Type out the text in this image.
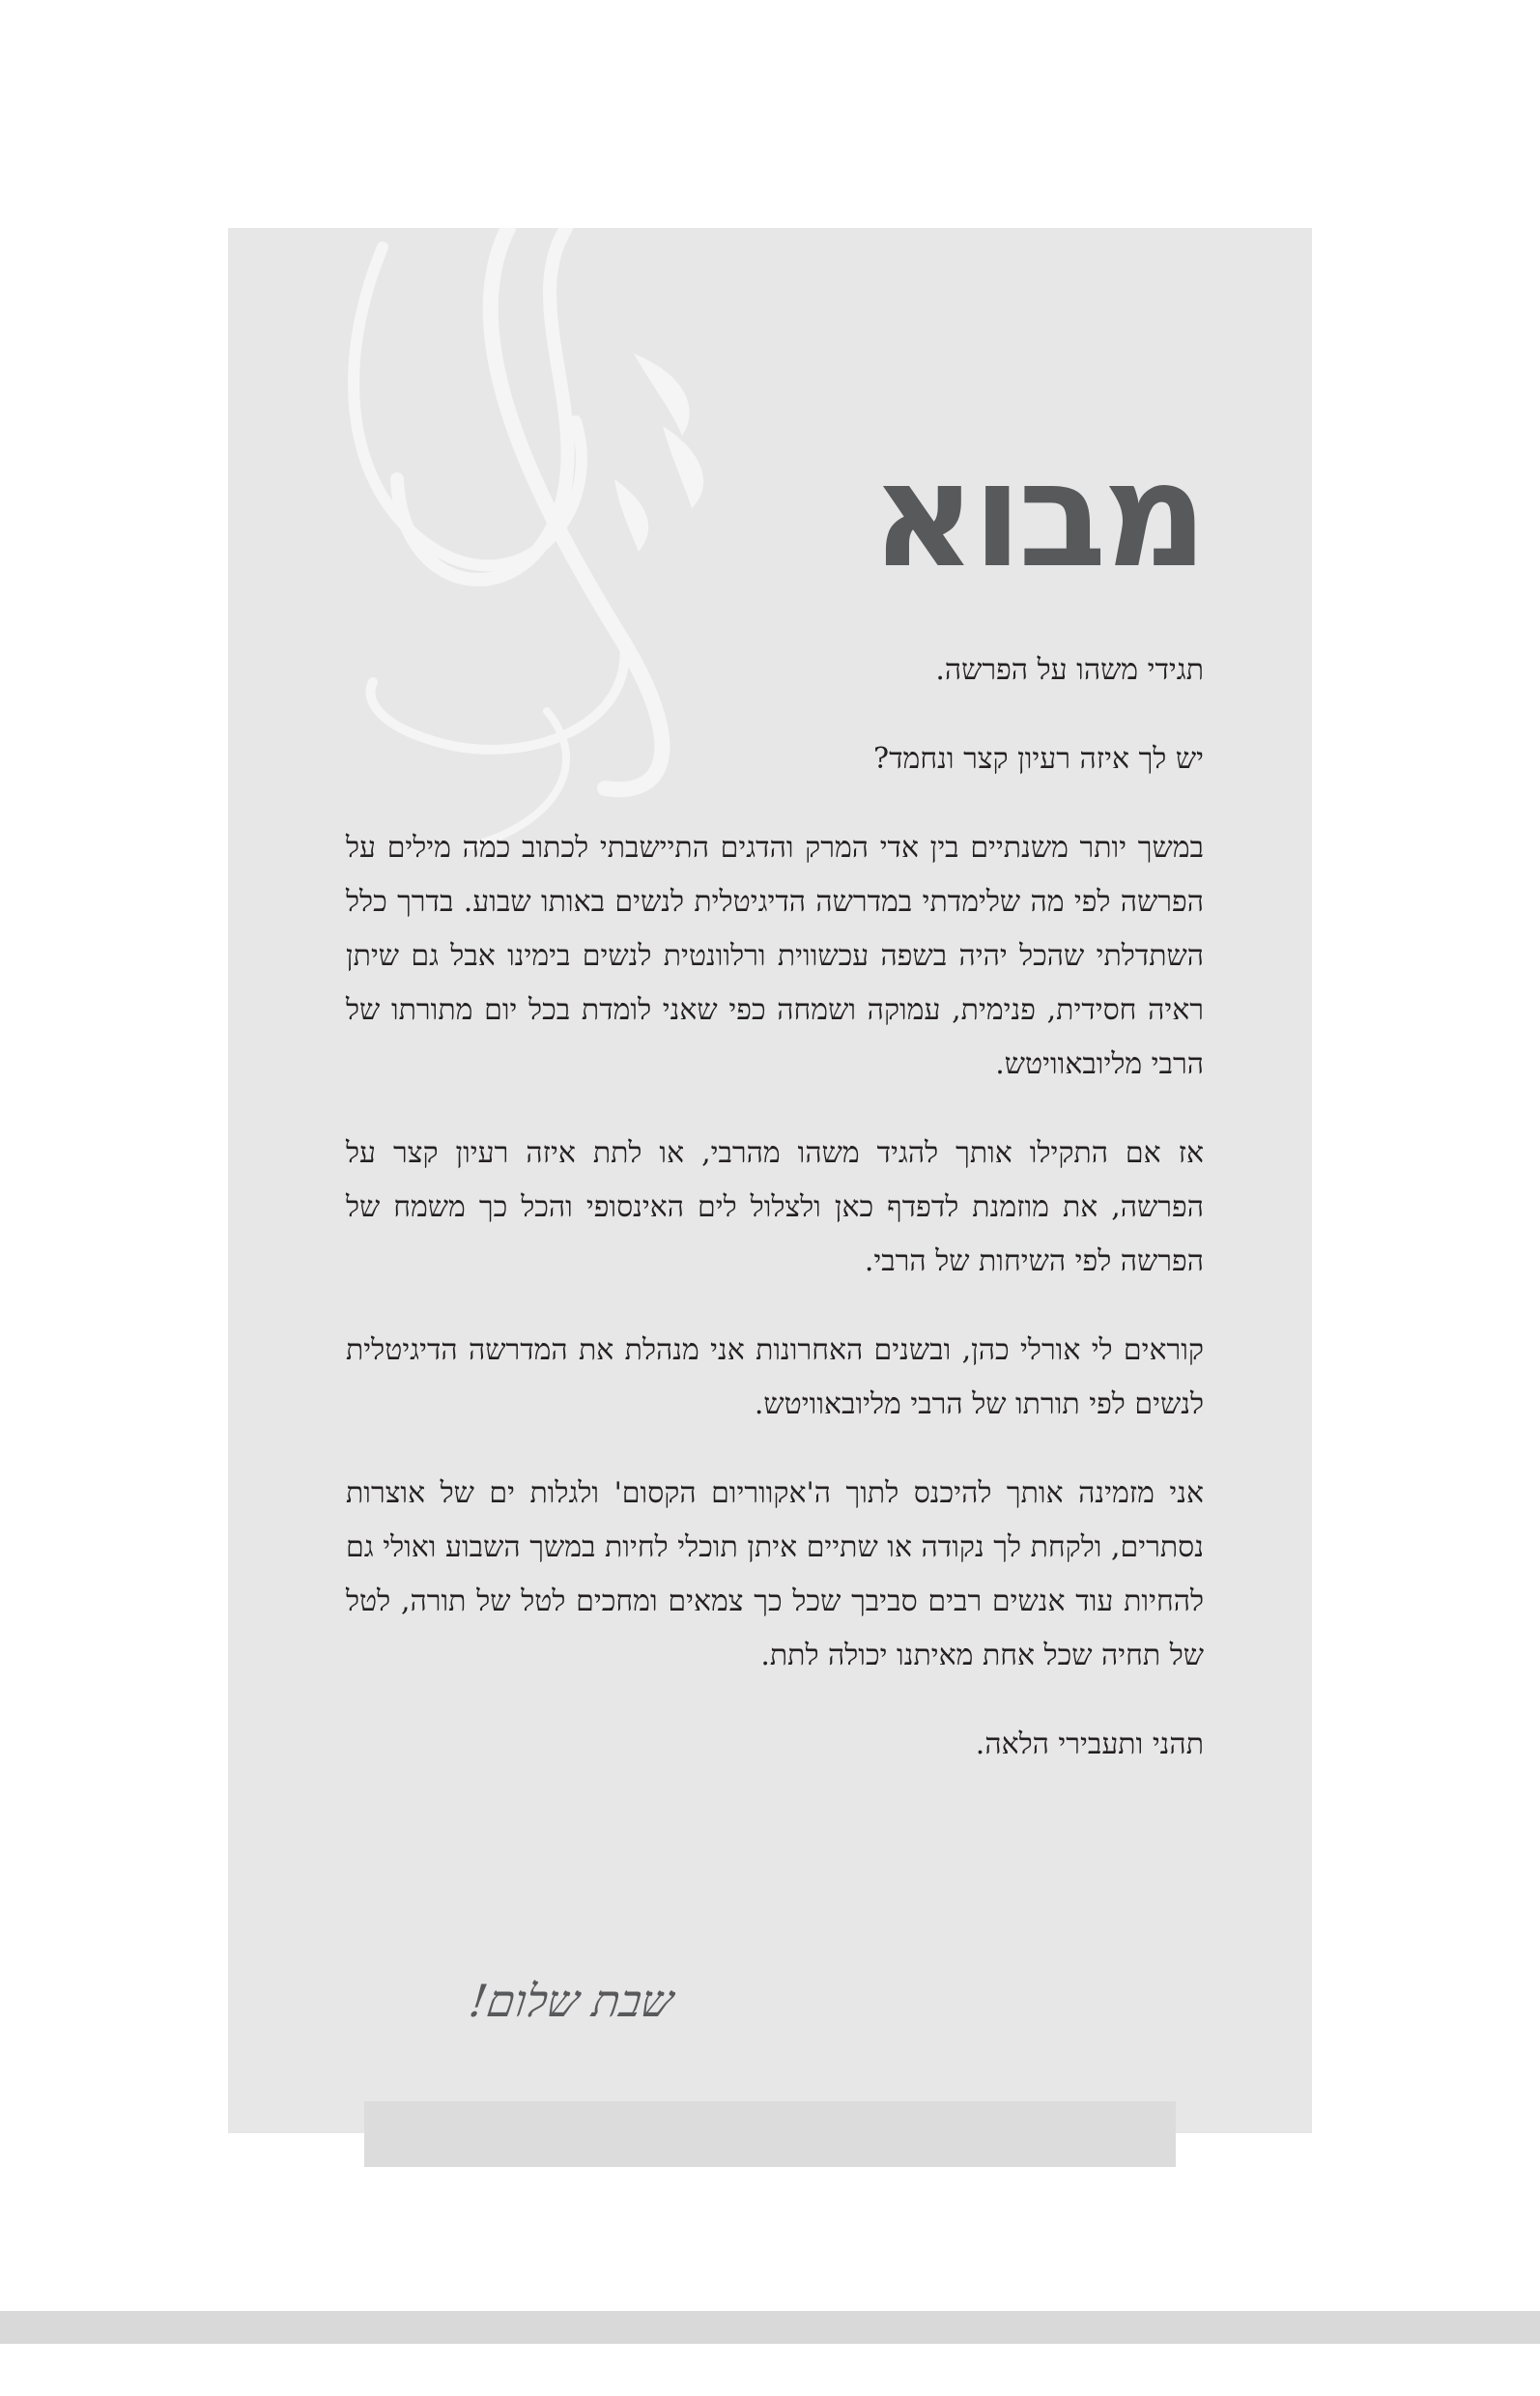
מבוא

תגידי משהו על הפרשה.

יש לך איזה רעיון קצר ונחמד?

במשך יותר משנתיים בין אדי המרק והדגים התיישבתי לכתוב כמה מילים על הפרשה לפי מה שלימדתי במדרשה הדיגיטלית לנשים באותו שבוע. בדרך כלל השתדלתי שהכל יהיה בשפה עכשווית ורלוונטית לנשים בימינו אבל גם שיתן ראיה חסידית, פנימית, עמוקה ושמחה כפי שאני לומדת בכל יום מתורתו של הרבי מליובאוויטש.

אז אם התקילו אותך להגיד משהו מהרבי, או לתת איזה רעיון קצר על הפרשה, את מוזמנת לדפדף כאן ולצלול לים האינסופי והכל כך משמח של הפרשה לפי השיחות של הרבי.

קוראים לי אורלי כהן, ובשנים האחרונות אני מנהלת את המדרשה הדיגיטלית לנשים לפי תורתו של הרבי מליובאוויטש.

אני מזמינה אותך להיכנס לתוך ה'אקווריום הקסום' ולגלות ים של אוצרות נסתרים, ולקחת לך נקודה או שתיים איתן תוכלי לחיות במשך השבוע ואולי גם להחיות עוד אנשים רבים סביבך שכל כך צמאים ומחכים לטל של תורה, לטל של תחיה שכל אחת מאיתנו יכולה לתת.

תהני ותעבירי הלאה.

שבת שלום!
